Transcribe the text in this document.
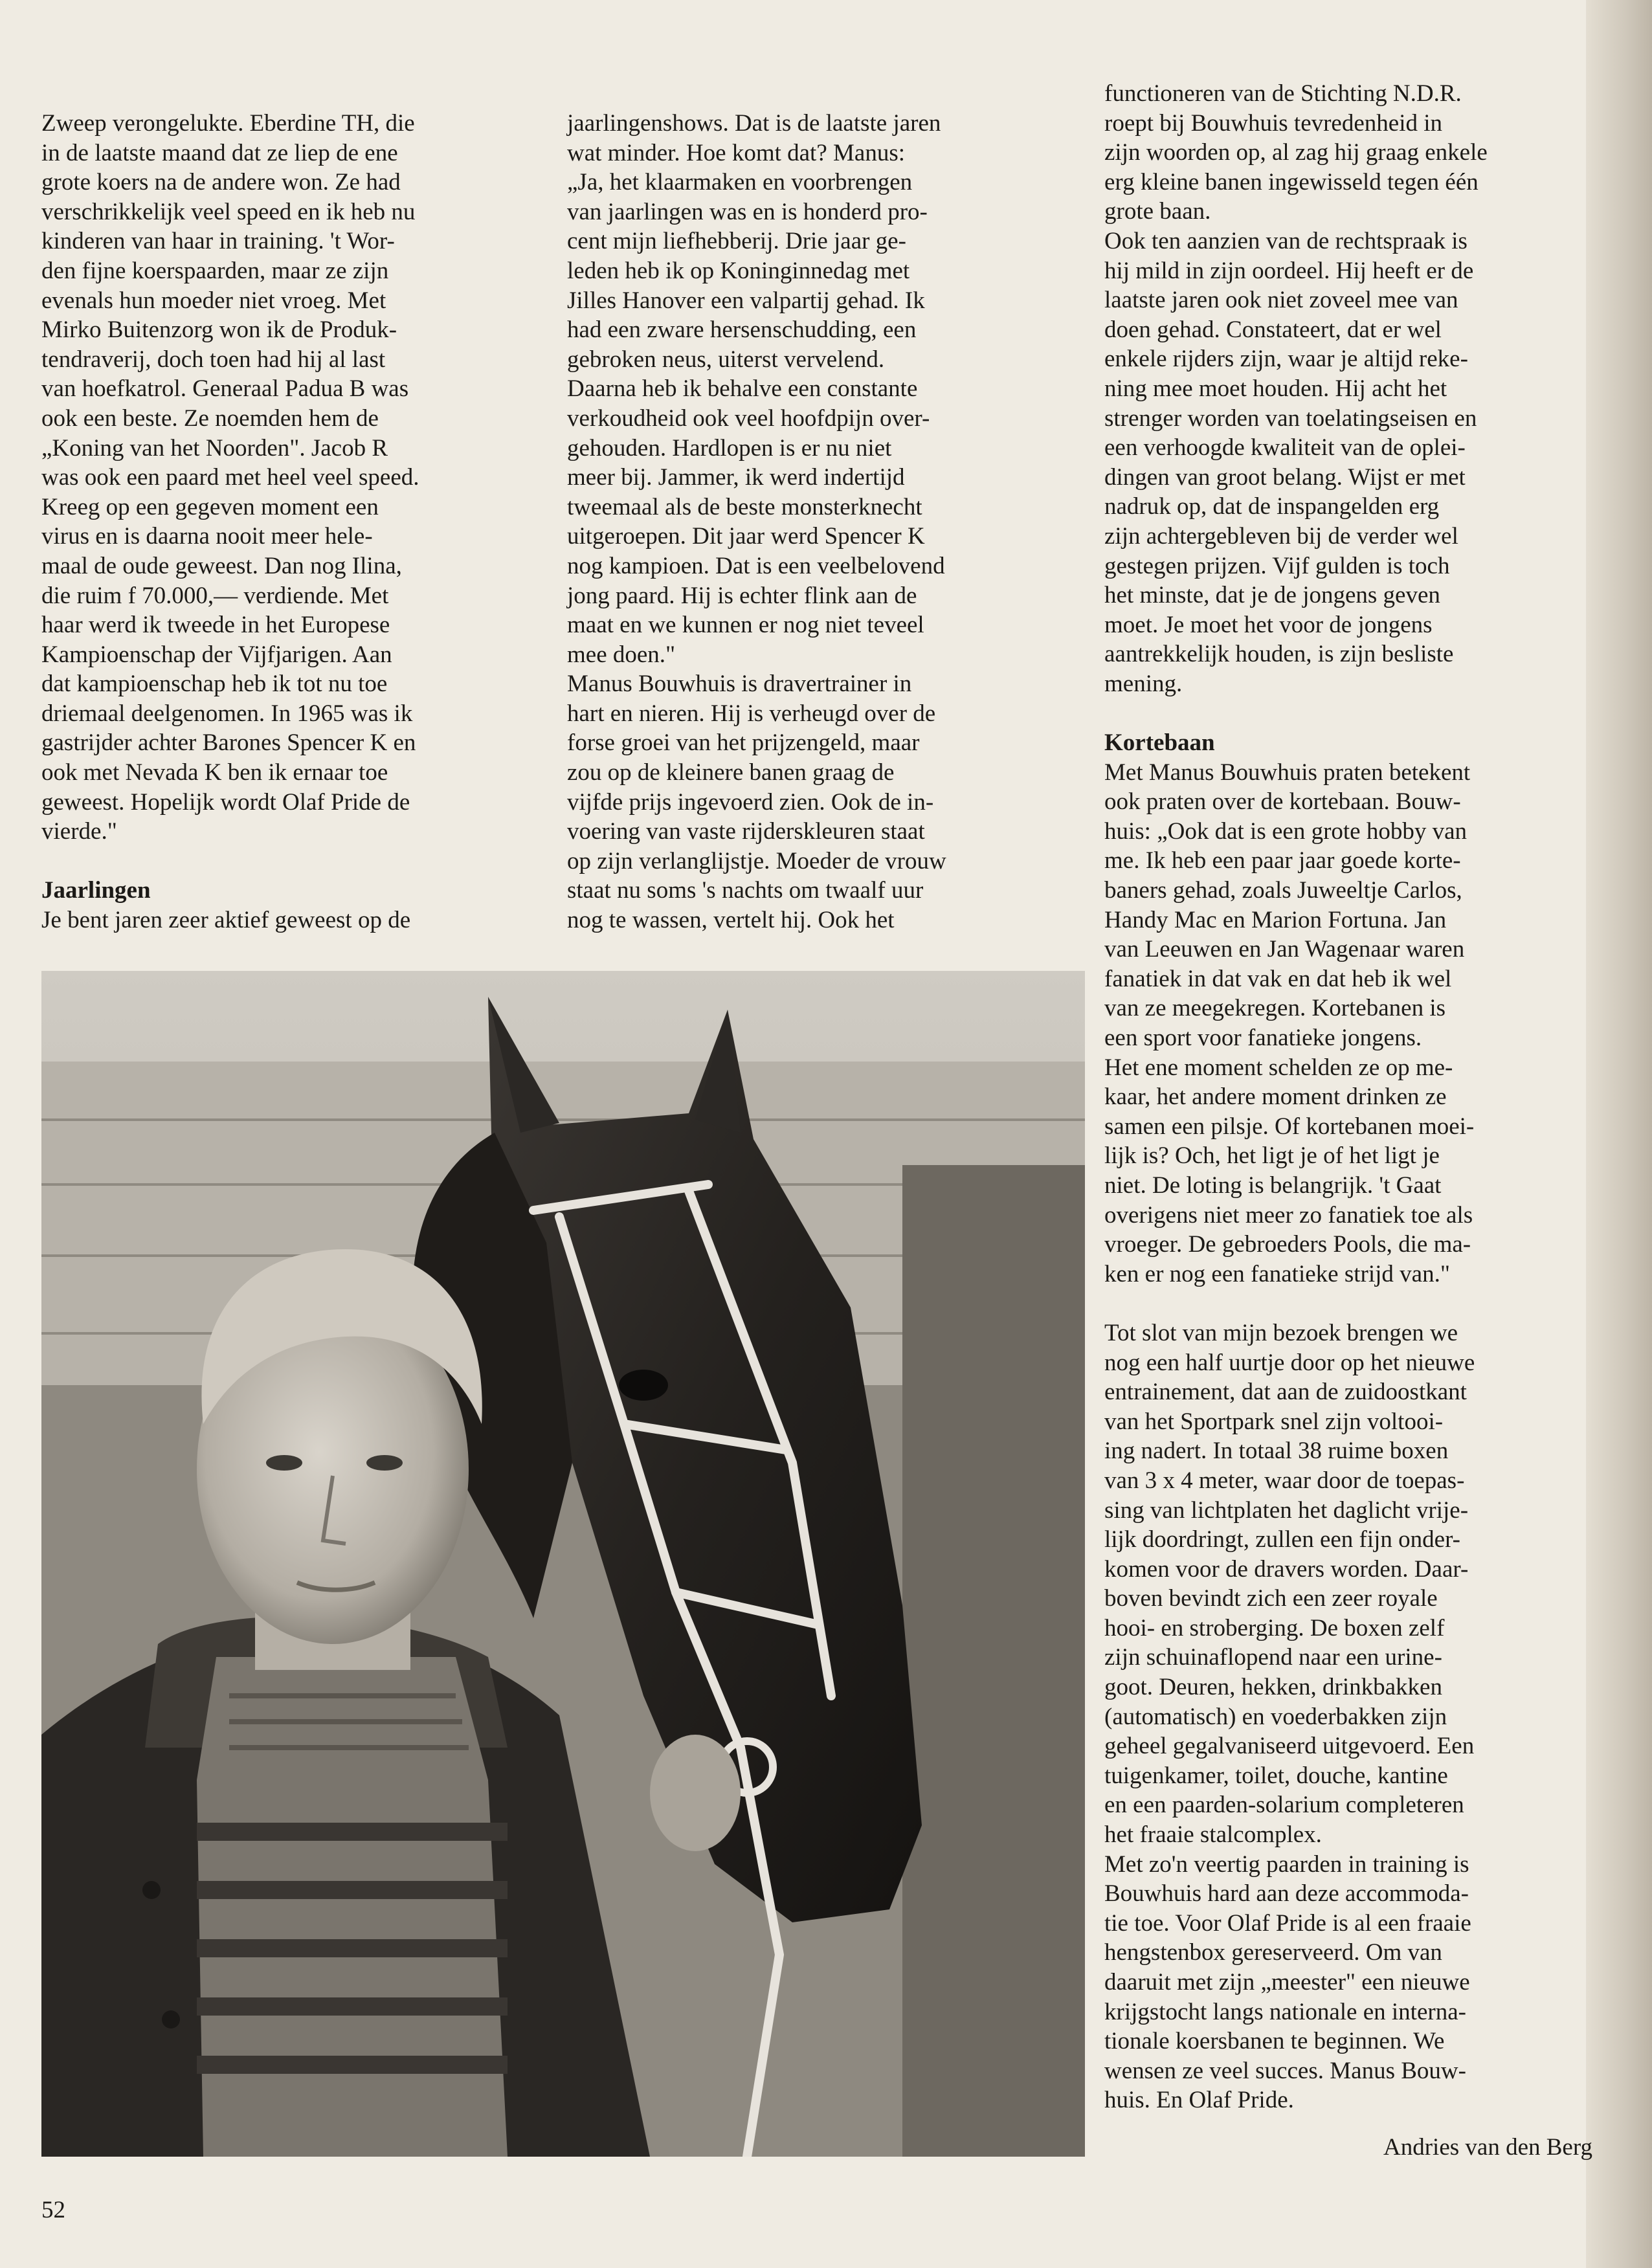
Zweep verongelukte. Eberdine TH, die
in de laatste maand dat ze liep de ene
grote koers na de andere won. Ze had
verschrikkelijk veel speed en ik heb nu
kinderen van haar in training. 't Wor-
den fijne koerspaarden, maar ze zijn
evenals hun moeder niet vroeg. Met
Mirko Buitenzorg won ik de Produk-
tendraverij, doch toen had hij al last
van hoefkatrol. Generaal Padua B was
ook een beste. Ze noemden hem de
„Koning van het Noorden". Jacob R
was ook een paard met heel veel speed.
Kreeg op een gegeven moment een
virus en is daarna nooit meer hele-
maal de oude geweest. Dan nog Ilina,
die ruim f 70.000,— verdiende. Met
haar werd ik tweede in het Europese
Kampioenschap der Vijfjarigen. Aan
dat kampioenschap heb ik tot nu toe
driemaal deelgenomen. In 1965 was ik
gastrijder achter Barones Spencer K en
ook met Nevada K ben ik ernaar toe
geweest. Hopelijk wordt Olaf Pride de
vierde."
Jaarlingen
Je bent jaren zeer aktief geweest op de
jaarlingenshows. Dat is de laatste jaren
wat minder. Hoe komt dat? Manus:
„Ja, het klaarmaken en voorbrengen
van jaarlingen was en is honderd pro-
cent mijn liefhebberij. Drie jaar ge-
leden heb ik op Koninginnedag met
Jilles Hanover een valpartij gehad. Ik
had een zware hersenschudding, een
gebroken neus, uiterst vervelend.
Daarna heb ik behalve een constante
verkoudheid ook veel hoofdpijn over-
gehouden. Hardlopen is er nu niet
meer bij. Jammer, ik werd indertijd
tweemaal als de beste monsterknecht
uitgeroepen. Dit jaar werd Spencer K
nog kampioen. Dat is een veelbelovend
jong paard. Hij is echter flink aan de
maat en we kunnen er nog niet teveel
mee doen."
Manus Bouwhuis is dravertrainer in
hart en nieren. Hij is verheugd over de
forse groei van het prijzengeld, maar
zou op de kleinere banen graag de
vijfde prijs ingevoerd zien. Ook de in-
voering van vaste rijderskleuren staat
op zijn verlanglijstje. Moeder de vrouw
staat nu soms 's nachts om twaalf uur
nog te wassen, vertelt hij. Ook het
functioneren van de Stichting N.D.R.
roept bij Bouwhuis tevredenheid in
zijn woorden op, al zag hij graag enkele
erg kleine banen ingewisseld tegen één
grote baan.
Ook ten aanzien van de rechtspraak is
hij mild in zijn oordeel. Hij heeft er de
laatste jaren ook niet zoveel mee van
doen gehad. Constateert, dat er wel
enkele rijders zijn, waar je altijd reke-
ning mee moet houden. Hij acht het
strenger worden van toelatingseisen en
een verhoogde kwaliteit van de oplei-
dingen van groot belang. Wijst er met
nadruk op, dat de inspangelden erg
zijn achtergebleven bij de verder wel
gestegen prijzen. Vijf gulden is toch
het minste, dat je de jongens geven
moet. Je moet het voor de jongens
aantrekkelijk houden, is zijn besliste
mening.
Kortebaan
Met Manus Bouwhuis praten betekent
ook praten over de kortebaan. Bouw-
huis: „Ook dat is een grote hobby van
me. Ik heb een paar jaar goede korte-
baners gehad, zoals Juweeltje Carlos,
Handy Mac en Marion Fortuna. Jan
van Leeuwen en Jan Wagenaar waren
fanatiek in dat vak en dat heb ik wel
van ze meegekregen. Kortebanen is
een sport voor fanatieke jongens.
Het ene moment schelden ze op me-
kaar, het andere moment drinken ze
samen een pilsje. Of kortebanen moei-
lijk is? Och, het ligt je of het ligt je
niet. De loting is belangrijk. 't Gaat
overigens niet meer zo fanatiek toe als
vroeger. De gebroeders Pools, die ma-
ken er nog een fanatieke strijd van."
Tot slot van mijn bezoek brengen we
nog een half uurtje door op het nieuwe
entrainement, dat aan de zuidoostkant
van het Sportpark snel zijn voltooi-
ing nadert. In totaal 38 ruime boxen
van 3 x 4 meter, waar door de toepas-
sing van lichtplaten het daglicht vrije-
lijk doordringt, zullen een fijn onder-
komen voor de dravers worden. Daar-
boven bevindt zich een zeer royale
hooi- en stroberging. De boxen zelf
zijn schuinaflopend naar een urine-
goot. Deuren, hekken, drinkbakken
(automatisch) en voederbakken zijn
geheel gegalvaniseerd uitgevoerd. Een
tuigenkamer, toilet, douche, kantine
en een paarden-solarium completeren
het fraaie stalcomplex.
Met zo'n veertig paarden in training is
Bouwhuis hard aan deze accommoda-
tie toe. Voor Olaf Pride is al een fraaie
hengstenbox gereserveerd. Om van
daaruit met zijn „meester" een nieuwe
krijgstocht langs nationale en interna-
tionale koersbanen te beginnen. We
wensen ze veel succes. Manus Bouw-
huis. En Olaf Pride.
Andries van den Berg
52
